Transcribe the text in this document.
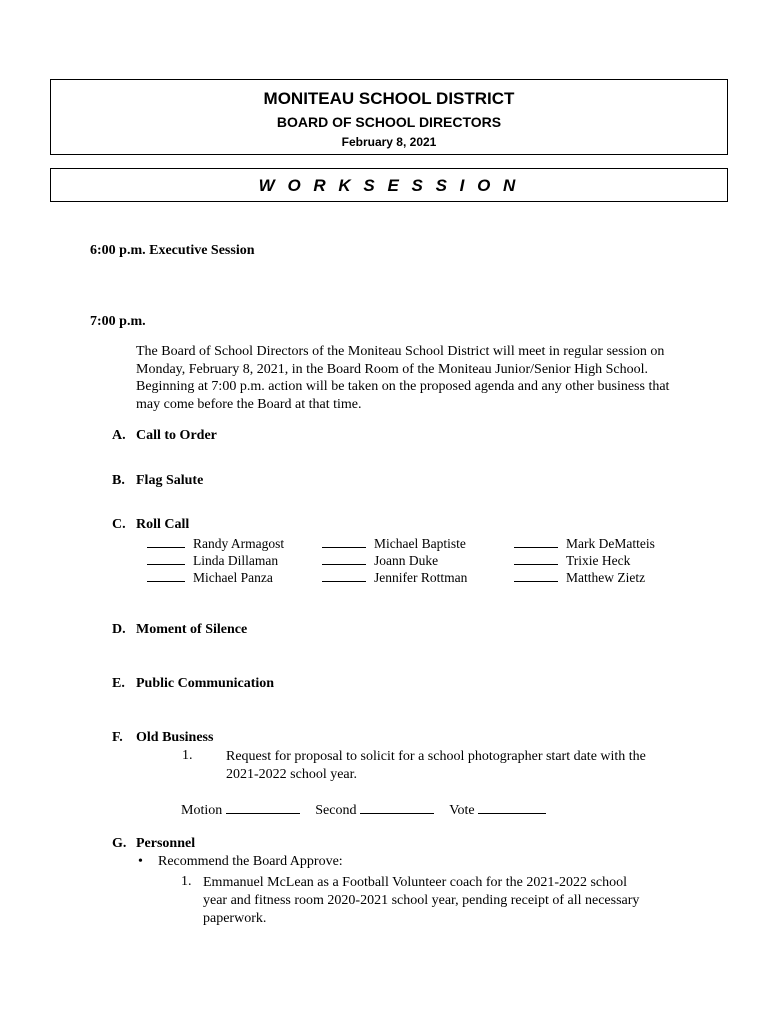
MONITEAU SCHOOL DISTRICT
BOARD OF SCHOOL DIRECTORS
February 8, 2021
W O R K S E S S I O N
6:00 p.m. Executive Session
7:00 p.m.
The Board of School Directors of the Moniteau School District will meet in regular session on Monday, February 8, 2021, in the Board Room of the Moniteau Junior/Senior High School. Beginning at 7:00 p.m. action will be taken on the proposed agenda and any other business that may come before the Board at that time.
A. Call to Order
B. Flag Salute
C. Roll Call
Randy Armagost
Linda Dillaman
Michael Panza
Michael Baptiste
Joann Duke
Jennifer Rottman
Mark DeMatteis
Trixie Heck
Matthew Zietz
D. Moment of Silence
E. Public Communication
F. Old Business
1. Request for proposal to solicit for a school photographer start date with the
2021-2022 school year.
Motion	Second	Vote
G. Personnel
• Recommend the Board Approve:
1. Emmanuel McLean as a Football Volunteer coach for the 2021-2022 school
year and fitness room 2020-2021 school year, pending receipt of all necessary
paperwork.
